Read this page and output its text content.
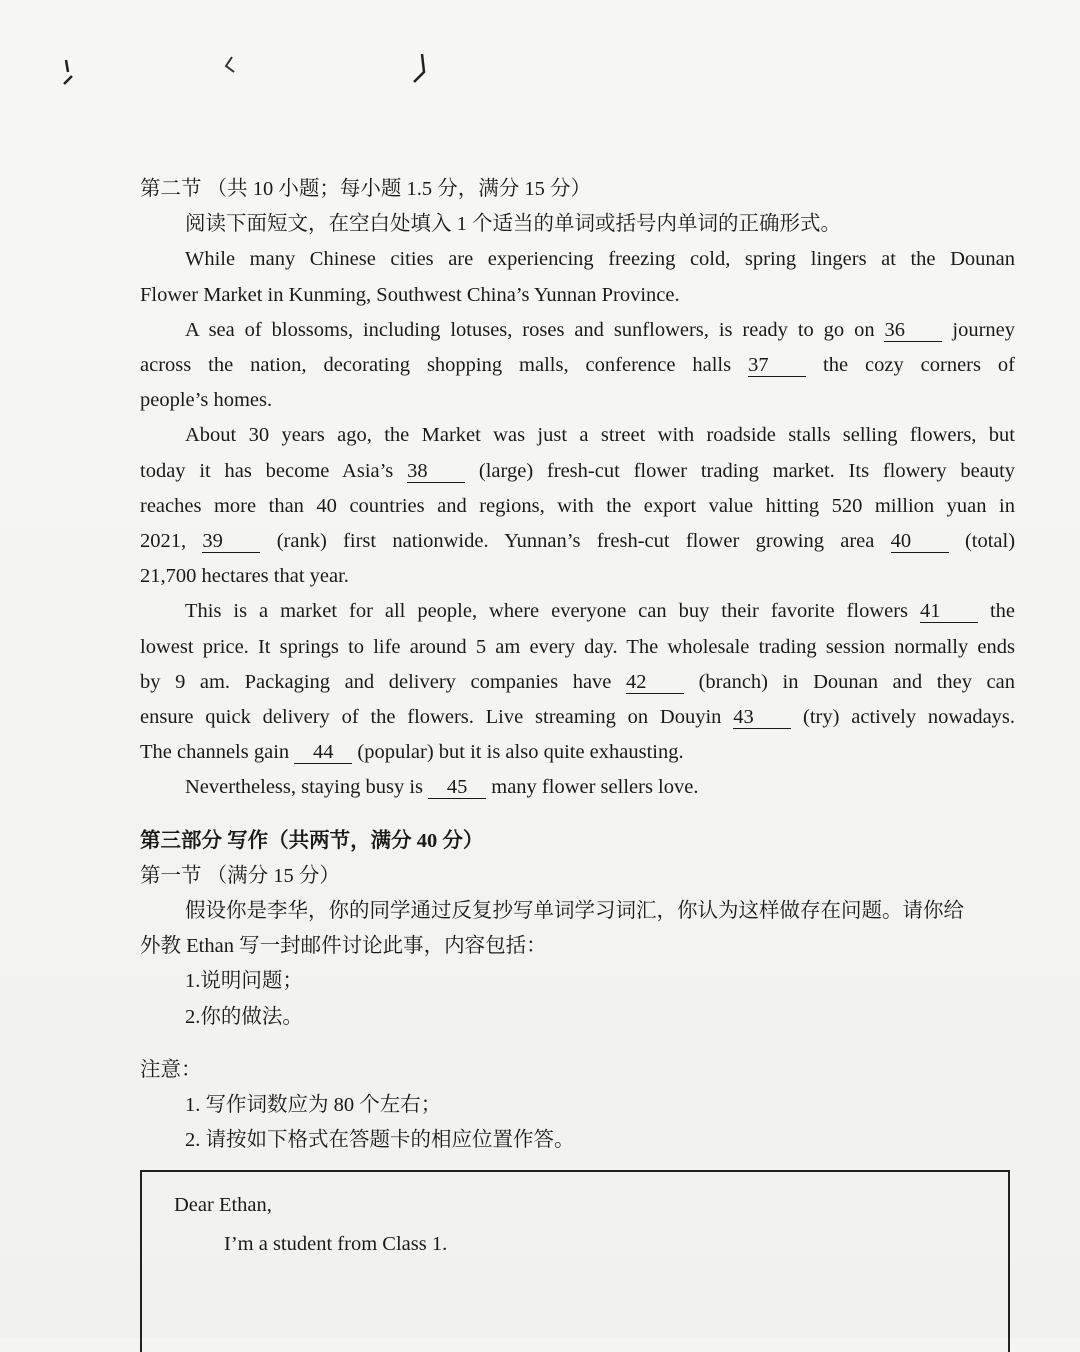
第二节 （共 10 小题；每小题 1.5 分，满分 15 分）
阅读下面短文，在空白处填入 1 个适当的单词或括号内单词的正确形式。
While many Chinese cities are experiencing freezing cold, spring lingers at the Dounan
Flower Market in Kunming, Southwest China’s Yunnan Province.
A sea of blossoms, including lotuses, roses and sunflowers, is ready to go on 36 journey
across the nation, decorating shopping malls, conference halls 37	the cozy corners of
people’s homes.
About 30 years ago, the Market was just a street with roadside stalls selling flowers, but
today it has become Asia’s 38	(large) fresh-cut flower trading market. Its flowery beauty
reaches more than 40 countries and regions, with the export value hitting 520 million yuan in
2021, 39	(rank) first nationwide. Yunnan’s fresh-cut flower growing area 40	(total)
21,700 hectares that year.
This is a market for all people, where everyone can buy their favorite flowers 41 the
lowest price. It springs to life around 5 am every day. The wholesale trading session normally ends
by 9 am. Packaging and delivery companies have 42	(branch) in Dounan and they can
ensure quick delivery of the flowers. Live streaming on Douyin 43 (try) actively nowadays.
The channels gain 44 (popular) but it is also quite exhausting.
Nevertheless, staying busy is 45 many flower sellers love.
第三部分 写作（共两节，满分 40 分）
第一节 （满分 15 分）
假设你是李华，你的同学通过反复抄写单词学习词汇，你认为这样做存在问题。请你给
外教 Ethan 写一封邮件讨论此事，内容包括：
1.说明问题；
2.你的做法。
注意：
1. 写作词数应为 80 个左右；
2. 请按如下格式在答题卡的相应位置作答。
Dear Ethan,
I’m a student from Class 1.
